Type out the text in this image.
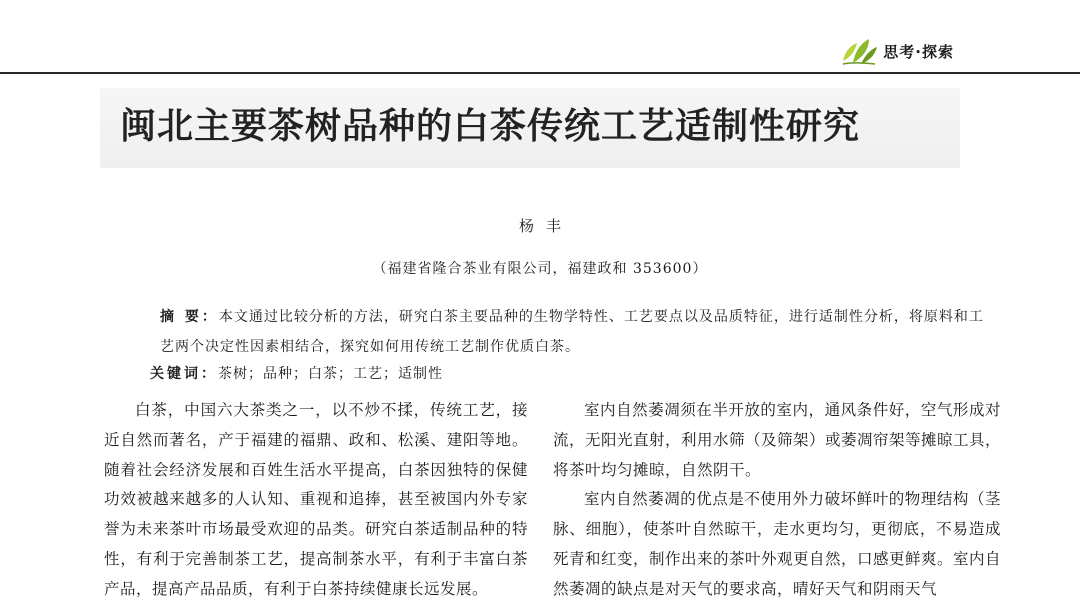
思考·探索
闽北主要茶树品种的白茶传统工艺适制性研究
杨丰
（福建省隆合茶业有限公司，福建政和 353600）
摘 要：本文通过比较分析的方法，研究白茶主要品种的生物学特性、工艺要点以及品质特征，进行适制性分析，将原料和工艺两个决定性因素相结合，探究如何用传统工艺制作优质白茶。
关键词：茶树；品种；白茶；工艺；适制性

白茶，中国六大茶类之一，以不炒不揉，传统工艺，接近自然而著名，产于福建的福鼎、政和、松溪、建阳等地。随着社会经济发展和百姓生活水平提高，白茶因独特的保健功效被越来越多的人认知、重视和追捧，甚至被国内外专家誉为未来茶叶市场最受欢迎的品类。研究白茶适制品种的特性，有利于完善制茶工艺，提高制茶水平，有利于丰富白茶产品，提高产品品质，有利于白茶持续健康长远发展。

室内自然萎凋须在半开放的室内，通风条件好，空气形成对流，无阳光直射，利用水筛（及筛架）或萎凋帘架等摊晾工具，将茶叶均匀摊晾，自然阴干。

室内自然萎凋的优点是不使用外力破坏鲜叶的物理结构（茎脉、细胞），使茶叶自然晾干，走水更均匀，更彻底，不易造成死青和红变，制作出来的茶叶外观更自然，口感更鲜爽。室内自然萎凋的缺点是对天气的要求高，晴好天气和阴雨天气
